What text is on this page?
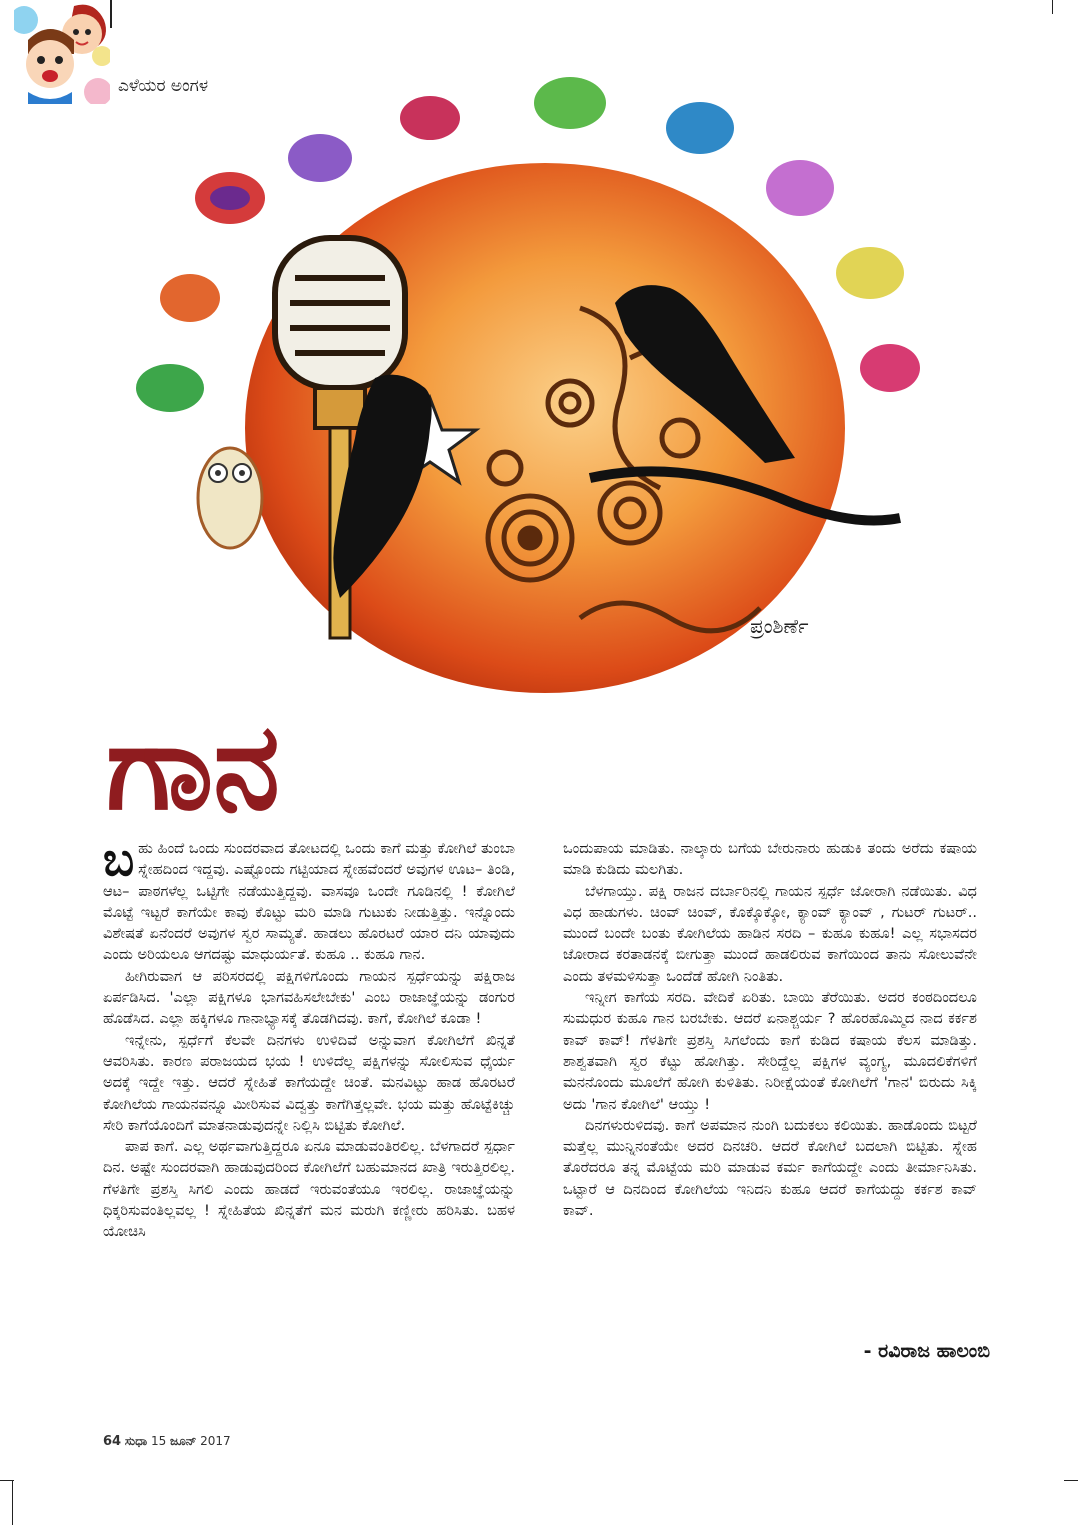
ಎಳೆಯರ ಅಂಗಳ
ಪ್ರಂಶಿರ್ಣೆ
ಗಾನ

ಬಹು ಹಿಂದೆ ಒಂದು ಸುಂದರವಾದ ತೋಟದಲ್ಲಿ ಒಂದು ಕಾಗೆ ಮತ್ತು ಕೋಗಿಲೆ ತುಂಬಾ ಸ್ನೇಹದಿಂದ ಇದ್ದವು. ಎಷ್ಟೊಂದು ಗಟ್ಟಿಯಾದ ಸ್ನೇಹವೆಂದರೆ ಅವುಗಳ ಊಟ– ತಿಂಡಿ, ಆಟ– ಪಾಠಗಳೆಲ್ಲ ಒಟ್ಟಿಗೇ ನಡೆಯುತ್ತಿದ್ದವು. ವಾಸವೂ ಒಂದೇ ಗೂಡಿನಲ್ಲಿ ! ಕೋಗಿಲೆ ಮೊಟ್ಟೆ ಇಟ್ಟರೆ ಕಾಗೆಯೇ ಕಾವು ಕೊಟ್ಟು ಮರಿ ಮಾಡಿ ಗುಟುಕು ನೀಡುತ್ತಿತ್ತು. ಇನ್ನೊಂದು ವಿಶೇಷತೆ ಏನೆಂದರೆ ಅವುಗಳ ಸ್ವರ ಸಾಮ್ಯತೆ. ಹಾಡಲು ಹೊರಟರೆ ಯಾರ ದನಿ ಯಾವುದು ಎಂದು ಅರಿಯಲೂ ಆಗದಷ್ಟು ಮಾಧುರ್ಯತೆ. ಕುಹೂ .. ಕುಹೂ ಗಾನ.

ಹೀಗಿರುವಾಗ ಆ ಪರಿಸರದಲ್ಲಿ ಪಕ್ಷಿಗಳಿಗೊಂದು ಗಾಯನ ಸ್ಪರ್ಧೆಯನ್ನು ಪಕ್ಷಿರಾಜ ಏರ್ಪಡಿಸಿದ. 'ಎಲ್ಲಾ ಪಕ್ಷಿಗಳೂ ಭಾಗವಹಿಸಲೇಬೇಕು' ಎಂಬ ರಾಜಾಜ್ಞೆಯನ್ನು ಡಂಗುರ ಹೊಡೆಸಿದ. ಎಲ್ಲಾ ಹಕ್ಕಿಗಳೂ ಗಾನಾಭ್ಯಾಸಕ್ಕೆ ತೊಡಗಿದವು. ಕಾಗೆ, ಕೋಗಿಲೆ ಕೂಡಾ !

ಇನ್ನೇನು, ಸ್ಪರ್ಧೆಗೆ ಕೆಲವೇ ದಿನಗಳು ಉಳಿದಿವೆ ಅನ್ನುವಾಗ ಕೋಗಿಲೆಗೆ ಖಿನ್ನತೆ ಆವರಿಸಿತು. ಕಾರಣ ಪರಾಜಯದ ಭಯ ! ಉಳಿದೆಲ್ಲ ಪಕ್ಷಿಗಳನ್ನು ಸೋಲಿಸುವ ಧೈರ್ಯ ಅದಕ್ಕೆ ಇದ್ದೇ ಇತ್ತು. ಆದರೆ ಸ್ನೇಹಿತೆ ಕಾಗೆಯದ್ದೇ ಚಿಂತೆ. ಮನವಿಟ್ಟು ಹಾಡ ಹೊರಟರೆ ಕೋಗಿಲೆಯ ಗಾಯನವನ್ನೂ ಮೀರಿಸುವ ವಿದ್ವತ್ತು ಕಾಗೆಗಿತ್ತಲ್ಲವೇ. ಭಯ ಮತ್ತು ಹೊಟ್ಟೆಕಿಚ್ಚು ಸೇರಿ ಕಾಗೆಯೊಂದಿಗೆ ಮಾತನಾಡುವುದನ್ನೇ ನಿಲ್ಲಿಸಿ ಬಿಟ್ಟಿತು ಕೋಗಿಲೆ.

ಪಾಪ ಕಾಗೆ. ಎಲ್ಲ ಅರ್ಥವಾಗುತ್ತಿದ್ದರೂ ಏನೂ ಮಾಡುವಂತಿರಲಿಲ್ಲ. ಬೆಳಗಾದರೆ ಸ್ಪರ್ಧಾ ದಿನ. ಅಷ್ಟೇ ಸುಂದರವಾಗಿ ಹಾಡುವುದರಿಂದ ಕೋಗಿಲೆಗೆ ಬಹುಮಾನದ ಖಾತ್ರಿ ಇರುತ್ತಿರಲಿಲ್ಲ. ಗೆಳತಿಗೇ ಪ್ರಶಸ್ತಿ ಸಿಗಲಿ ಎಂದು ಹಾಡದೆ ಇರುವಂತೆಯೂ ಇರಲಿಲ್ಲ. ರಾಜಾಜ್ಞೆಯನ್ನು ಧಿಕ್ಕರಿಸುವಂತಿಲ್ಲವಲ್ಲ ! ಸ್ನೇಹಿತೆಯ ಖಿನ್ನತೆಗೆ ಮನ ಮರುಗಿ ಕಣ್ಣೀರು ಹರಿಸಿತು. ಬಹಳ ಯೋಚಿಸಿ

ಒಂದುಪಾಯ ಮಾಡಿತು. ನಾಲ್ಕಾರು ಬಗೆಯ ಬೇರುನಾರು ಹುಡುಕಿ ತಂದು ಅರೆದು ಕಷಾಯ ಮಾಡಿ ಕುಡಿದು ಮಲಗಿತು.

ಬೆಳಗಾಯ್ತು. ಪಕ್ಷಿ ರಾಜನ ದರ್ಬಾರಿನಲ್ಲಿ ಗಾಯನ ಸ್ಪರ್ಧೆ ಜೋರಾಗಿ ನಡೆಯಿತು. ವಿಧ ವಿಧ ಹಾಡುಗಳು. ಚಿಂವ್ ಚಿಂವ್, ಕೊಕ್ಕೊಕ್ಕೋ, ಕ್ಯಾಂವ್ ಕ್ಯಾಂವ್ , ಗುಟರ್ ಗುಟರ್.. ಮುಂದೆ ಬಂದೇ ಬಂತು ಕೋಗಿಲೆಯ ಹಾಡಿನ ಸರದಿ – ಕುಹೂ ಕುಹೂ! ಎಲ್ಲ ಸಭಾಸದರ ಜೋರಾದ ಕರತಾಡನಕ್ಕೆ ಬೀಗುತ್ತಾ ಮುಂದೆ ಹಾಡಲಿರುವ ಕಾಗೆಯಿಂದ ತಾನು ಸೋಲುವೆನೇ ಎಂದು ತಳಮಳಿಸುತ್ತಾ ಒಂದೆಡೆ ಹೋಗಿ ನಿಂತಿತು.

ಇನ್ನೀಗ ಕಾಗೆಯ ಸರದಿ. ವೇದಿಕೆ ಏರಿತು. ಬಾಯಿ ತೆರೆಯಿತು. ಅದರ ಕಂಠದಿಂದಲೂ ಸುಮಧುರ ಕುಹೂ ಗಾನ ಬರಬೇಕು. ಆದರೆ ಏನಾಶ್ಚರ್ಯ ? ಹೊರಹೊಮ್ಮಿದ ನಾದ ಕರ್ಕಶ ಕಾವ್ ಕಾವ್! ಗೆಳತಿಗೇ ಪ್ರಶಸ್ತಿ ಸಿಗಲೆಂದು ಕಾಗೆ ಕುಡಿದ ಕಷಾಯ ಕೆಲಸ ಮಾಡಿತ್ತು. ಶಾಶ್ವತವಾಗಿ ಸ್ವರ ಕೆಟ್ಟು ಹೋಗಿತ್ತು. ಸೇರಿದ್ದೆಲ್ಲ ಪಕ್ಷಿಗಳ ವ್ಯಂಗ್ಯ, ಮೂದಲಿಕೆಗಳಿಗೆ ಮನನೊಂದು ಮೂಲೆಗೆ ಹೋಗಿ ಕುಳಿತಿತು. ನಿರೀಕ್ಷೆಯಂತೆ ಕೋಗಿಲೆಗೆ 'ಗಾನ' ಬಿರುದು ಸಿಕ್ಕಿ ಅದು 'ಗಾನ ಕೋಗಿಲೆ' ಆಯ್ತು !

ದಿನಗಳುರುಳಿದವು. ಕಾಗೆ ಅಪಮಾನ ನುಂಗಿ ಬದುಕಲು ಕಲಿಯಿತು. ಹಾಡೊಂದು ಬಿಟ್ಟರೆ ಮತ್ತೆಲ್ಲ ಮುನ್ನಿನಂತೆಯೇ ಅದರ ದಿನಚರಿ. ಆದರೆ ಕೋಗಿಲೆ ಬದಲಾಗಿ ಬಿಟ್ಟಿತು. ಸ್ನೇಹ ತೊರೆದರೂ ತನ್ನ ಮೊಟ್ಟೆಯ ಮರಿ ಮಾಡುವ ಕರ್ಮ ಕಾಗೆಯದ್ದೇ ಎಂದು ತೀರ್ಮಾನಿಸಿತು. ಒಟ್ಟಾರೆ ಆ ದಿನದಿಂದ ಕೋಗಿಲೆಯ ಇನಿದನಿ ಕುಹೂ ಆದರೆ ಕಾಗೆಯದ್ದು ಕರ್ಕಶ ಕಾವ್ ಕಾವ್.

- ರವಿರಾಜ ಹಾಲಂಬಿ
64 ಸುಧಾ 15 ಜೂನ್ 2017
